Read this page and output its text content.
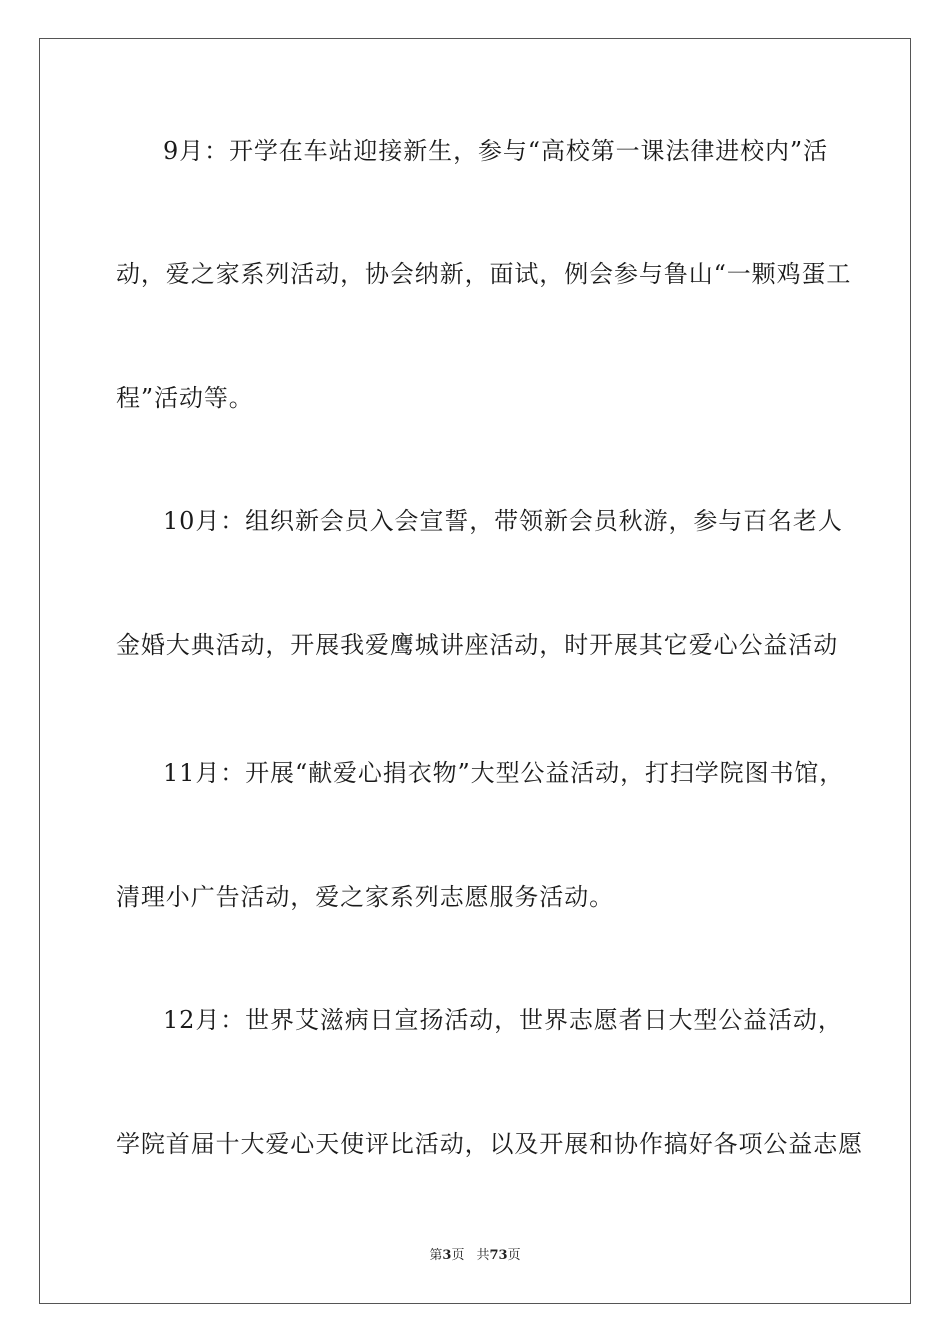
9月：开学在车站迎接新生，参与“高校第一课法律进校内”活
动，爱之家系列活动，协会纳新，面试，例会参与鲁山“一颗鸡蛋工
程”活动等。
10月：组织新会员入会宣誓，带领新会员秋游，参与百名老人
金婚大典活动，开展我爱鹰城讲座活动，时开展其它爱心公益活动
11月：开展“献爱心捐衣物”大型公益活动，打扫学院图书馆，
清理小广告活动，爱之家系列志愿服务活动。
12月：世界艾滋病日宣扬活动，世界志愿者日大型公益活动，
学院首届十大爱心天使评比活动，以及开展和协作搞好各项公益志愿
第3页 共73页
